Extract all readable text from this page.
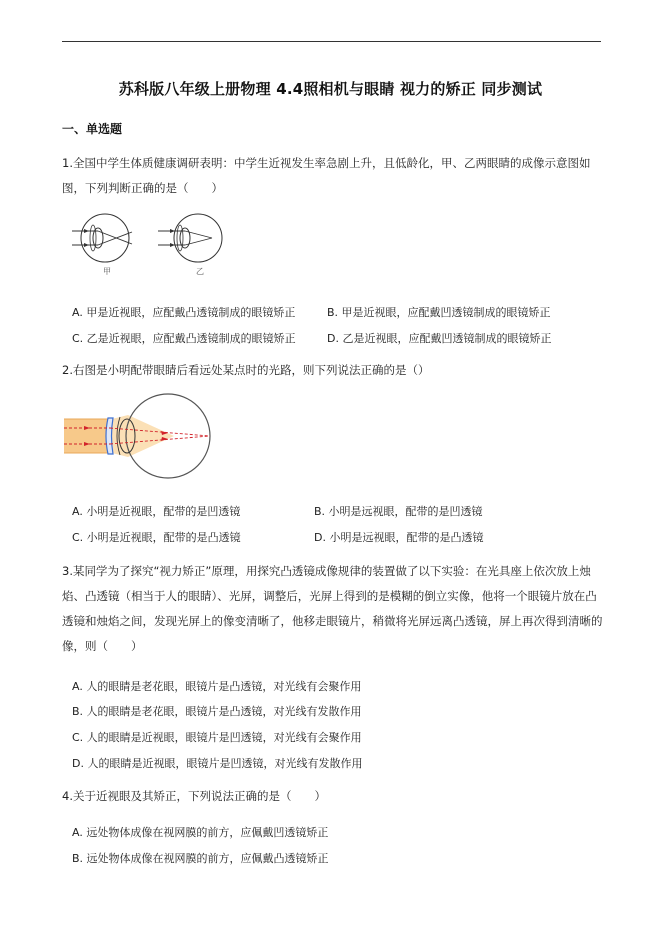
苏科版八年级上册物理 4.4照相机与眼睛 视力的矫正 同步测试
一、单选题
1.全国中学生体质健康调研表明：中学生近视发生率急剧上升，且低龄化，甲、乙两眼睛的成像示意图如图，下列判断正确的是（　　）
甲	乙
A. 甲是近视眼，应配戴凸透镜制成的眼镜矫正	B. 甲是近视眼，应配戴凹透镜制成的眼镜矫正
C. 乙是近视眼，应配戴凸透镜制成的眼镜矫正	D. 乙是近视眼，应配戴凹透镜制成的眼镜矫正
2.右图是小明配带眼睛后看远处某点时的光路，则下列说法正确的是（）
A. 小明是近视眼，配带的是凹透镜	B. 小明是远视眼，配带的是凹透镜
C. 小明是近视眼，配带的是凸透镜	D. 小明是远视眼，配带的是凸透镜
3.某同学为了探究“视力矫正”原理，用探究凸透镜成像规律的装置做了以下实验：在光具座上依次放上烛焰、凸透镜（相当于人的眼睛）、光屏，调整后，光屏上得到的是模糊的倒立实像，他将一个眼镜片放在凸透镜和烛焰之间，发现光屏上的像变清晰了，他移走眼镜片，稍微将光屏远离凸透镜，屏上再次得到清晰的像，则（　　）
A. 人的眼睛是老花眼，眼镜片是凸透镜，对光线有会聚作用
B. 人的眼睛是老花眼，眼镜片是凸透镜，对光线有发散作用
C. 人的眼睛是近视眼，眼镜片是凹透镜，对光线有会聚作用
D. 人的眼睛是近视眼，眼镜片是凹透镜，对光线有发散作用
4.关于近视眼及其矫正，下列说法正确的是（　　）
A. 远处物体成像在视网膜的前方，应佩戴凹透镜矫正
B. 远处物体成像在视网膜的前方，应佩戴凸透镜矫正
